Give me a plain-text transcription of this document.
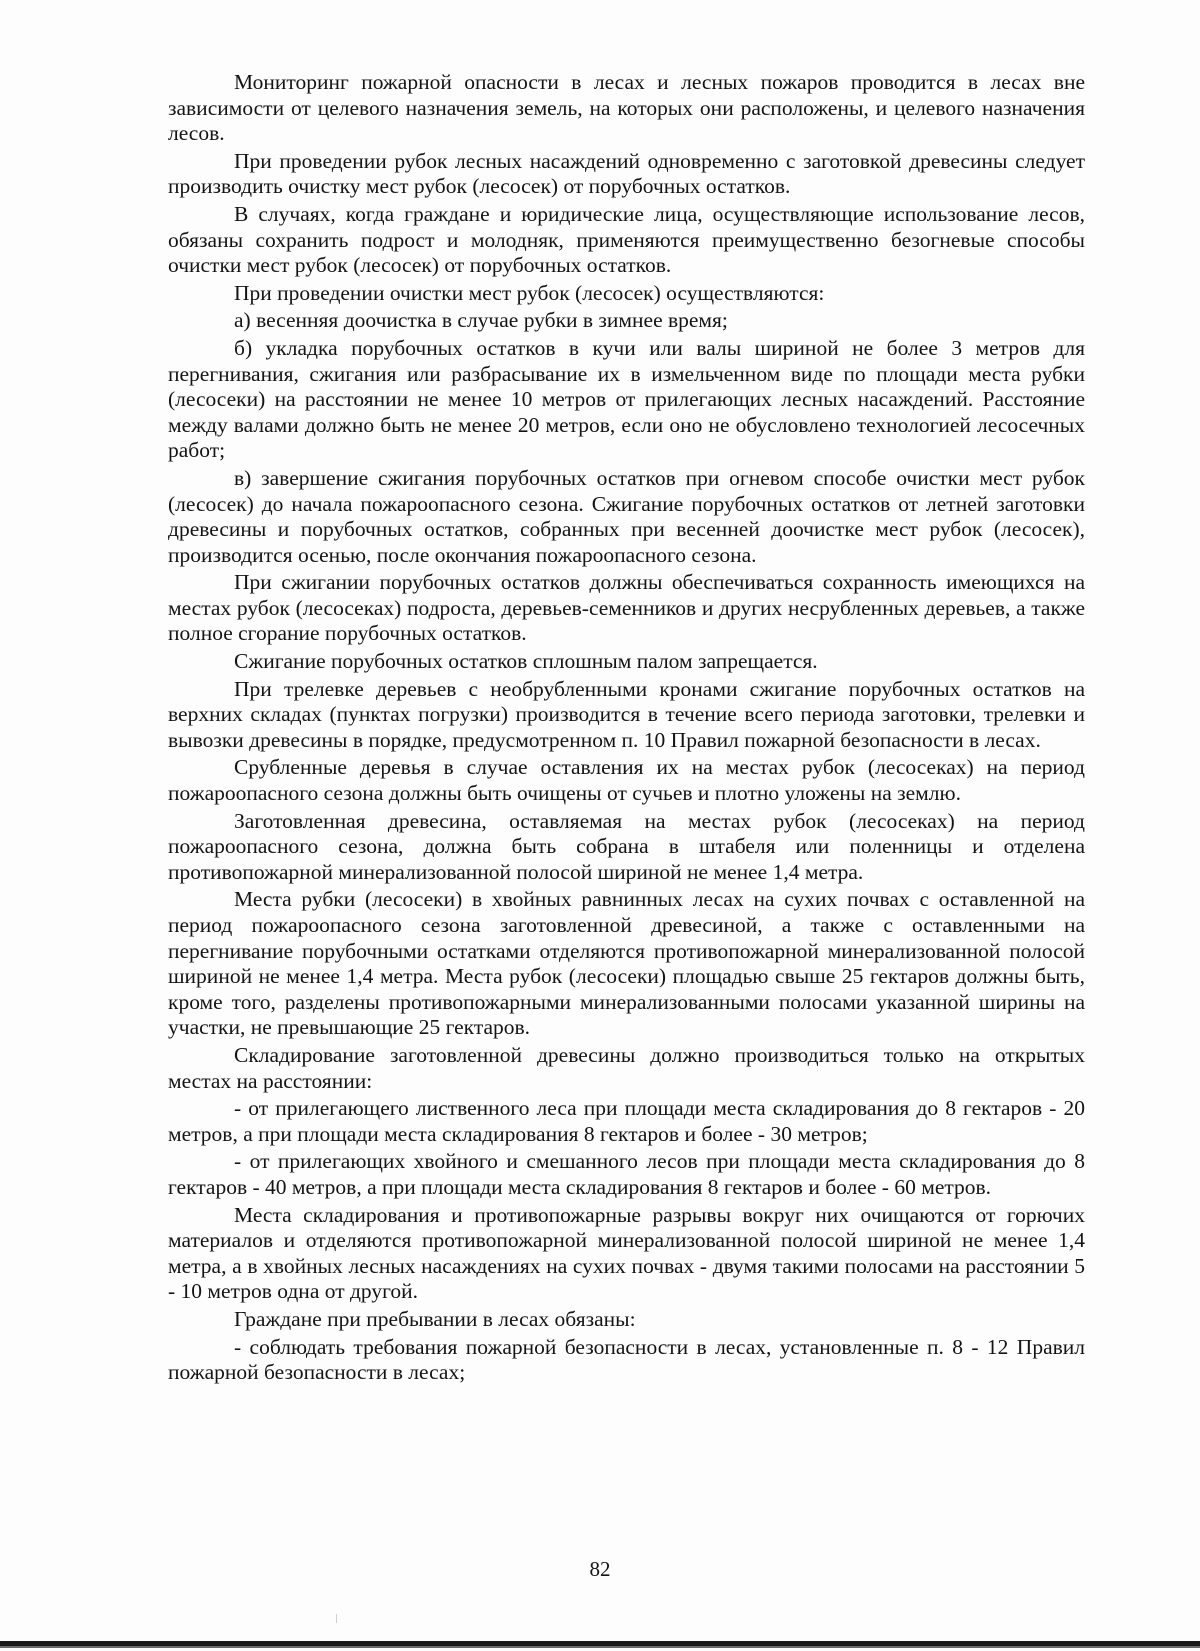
Мониторинг пожарной опасности в лесах и лесных пожаров проводится в лесах вне зависимости от целевого назначения земель, на которых они расположены, и целевого назначения лесов.

При проведении рубок лесных насаждений одновременно с заготовкой древесины следует производить очистку мест рубок (лесосек) от порубочных остатков.

В случаях, когда граждане и юридические лица, осуществляющие использование лесов, обязаны сохранить подрост и молодняк, применяются преимущественно безогневые способы очистки мест рубок (лесосек) от порубочных остатков.

При проведении очистки мест рубок (лесосек) осуществляются:

а) весенняя доочистка в случае рубки в зимнее время;

б) укладка порубочных остатков в кучи или валы шириной не более 3 метров для перегнивания, сжигания или разбрасывание их в измельченном виде по площади места рубки (лесосеки) на расстоянии не менее 10 метров от прилегающих лесных насаждений. Расстояние между валами должно быть не менее 20 метров, если оно не обусловлено технологией лесосечных работ;

в) завершение сжигания порубочных остатков при огневом способе очистки мест рубок (лесосек) до начала пожароопасного сезона. Сжигание порубочных остатков от летней заготовки древесины и порубочных остатков, собранных при весенней доочистке мест рубок (лесосек), производится осенью, после окончания пожароопасного сезона.

При сжигании порубочных остатков должны обеспечиваться сохранность имеющихся на местах рубок (лесосеках) подроста, деревьев-семенников и других несрубленных деревьев, а также полное сгорание порубочных остатков.

Сжигание порубочных остатков сплошным палом запрещается.

При трелевке деревьев с необрубленными кронами сжигание порубочных остатков на верхних складах (пунктах погрузки) производится в течение всего периода заготовки, трелевки и вывозки древесины в порядке, предусмотренном п. 10 Правил пожарной безопасности в лесах.

Срубленные деревья в случае оставления их на местах рубок (лесосеках) на период пожароопасного сезона должны быть очищены от сучьев и плотно уложены на землю.

Заготовленная древесина, оставляемая на местах рубок (лесосеках) на период пожароопасного сезона, должна быть собрана в штабеля или поленницы и отделена противопожарной минерализованной полосой шириной не менее 1,4 метра.

Места рубки (лесосеки) в хвойных равнинных лесах на сухих почвах с оставленной на период пожароопасного сезона заготовленной древесиной, а также с оставленными на перегнивание порубочными остатками отделяются противопожарной минерализованной полосой шириной не менее 1,4 метра. Места рубок (лесосеки) площадью свыше 25 гектаров должны быть, кроме того, разделены противопожарными минерализованными полосами указанной ширины на участки, не превышающие 25 гектаров.

Складирование заготовленной древесины должно производиться только на открытых местах на расстоянии:

- от прилегающего лиственного леса при площади места складирования до 8 гектаров - 20 метров, а при площади места складирования 8 гектаров и более - 30 метров;

- от прилегающих хвойного и смешанного лесов при площади места складирования до 8 гектаров - 40 метров, а при площади места складирования 8 гектаров и более - 60 метров.

Места складирования и противопожарные разрывы вокруг них очищаются от горючих материалов и отделяются противопожарной минерализованной полосой шириной не менее 1,4 метра, а в хвойных лесных насаждениях на сухих почвах - двумя такими полосами на расстоянии 5 - 10 метров одна от другой.

Граждане при пребывании в лесах обязаны:

- соблюдать требования пожарной безопасности в лесах, установленные п. 8 - 12 Правил пожарной безопасности в лесах;

82
